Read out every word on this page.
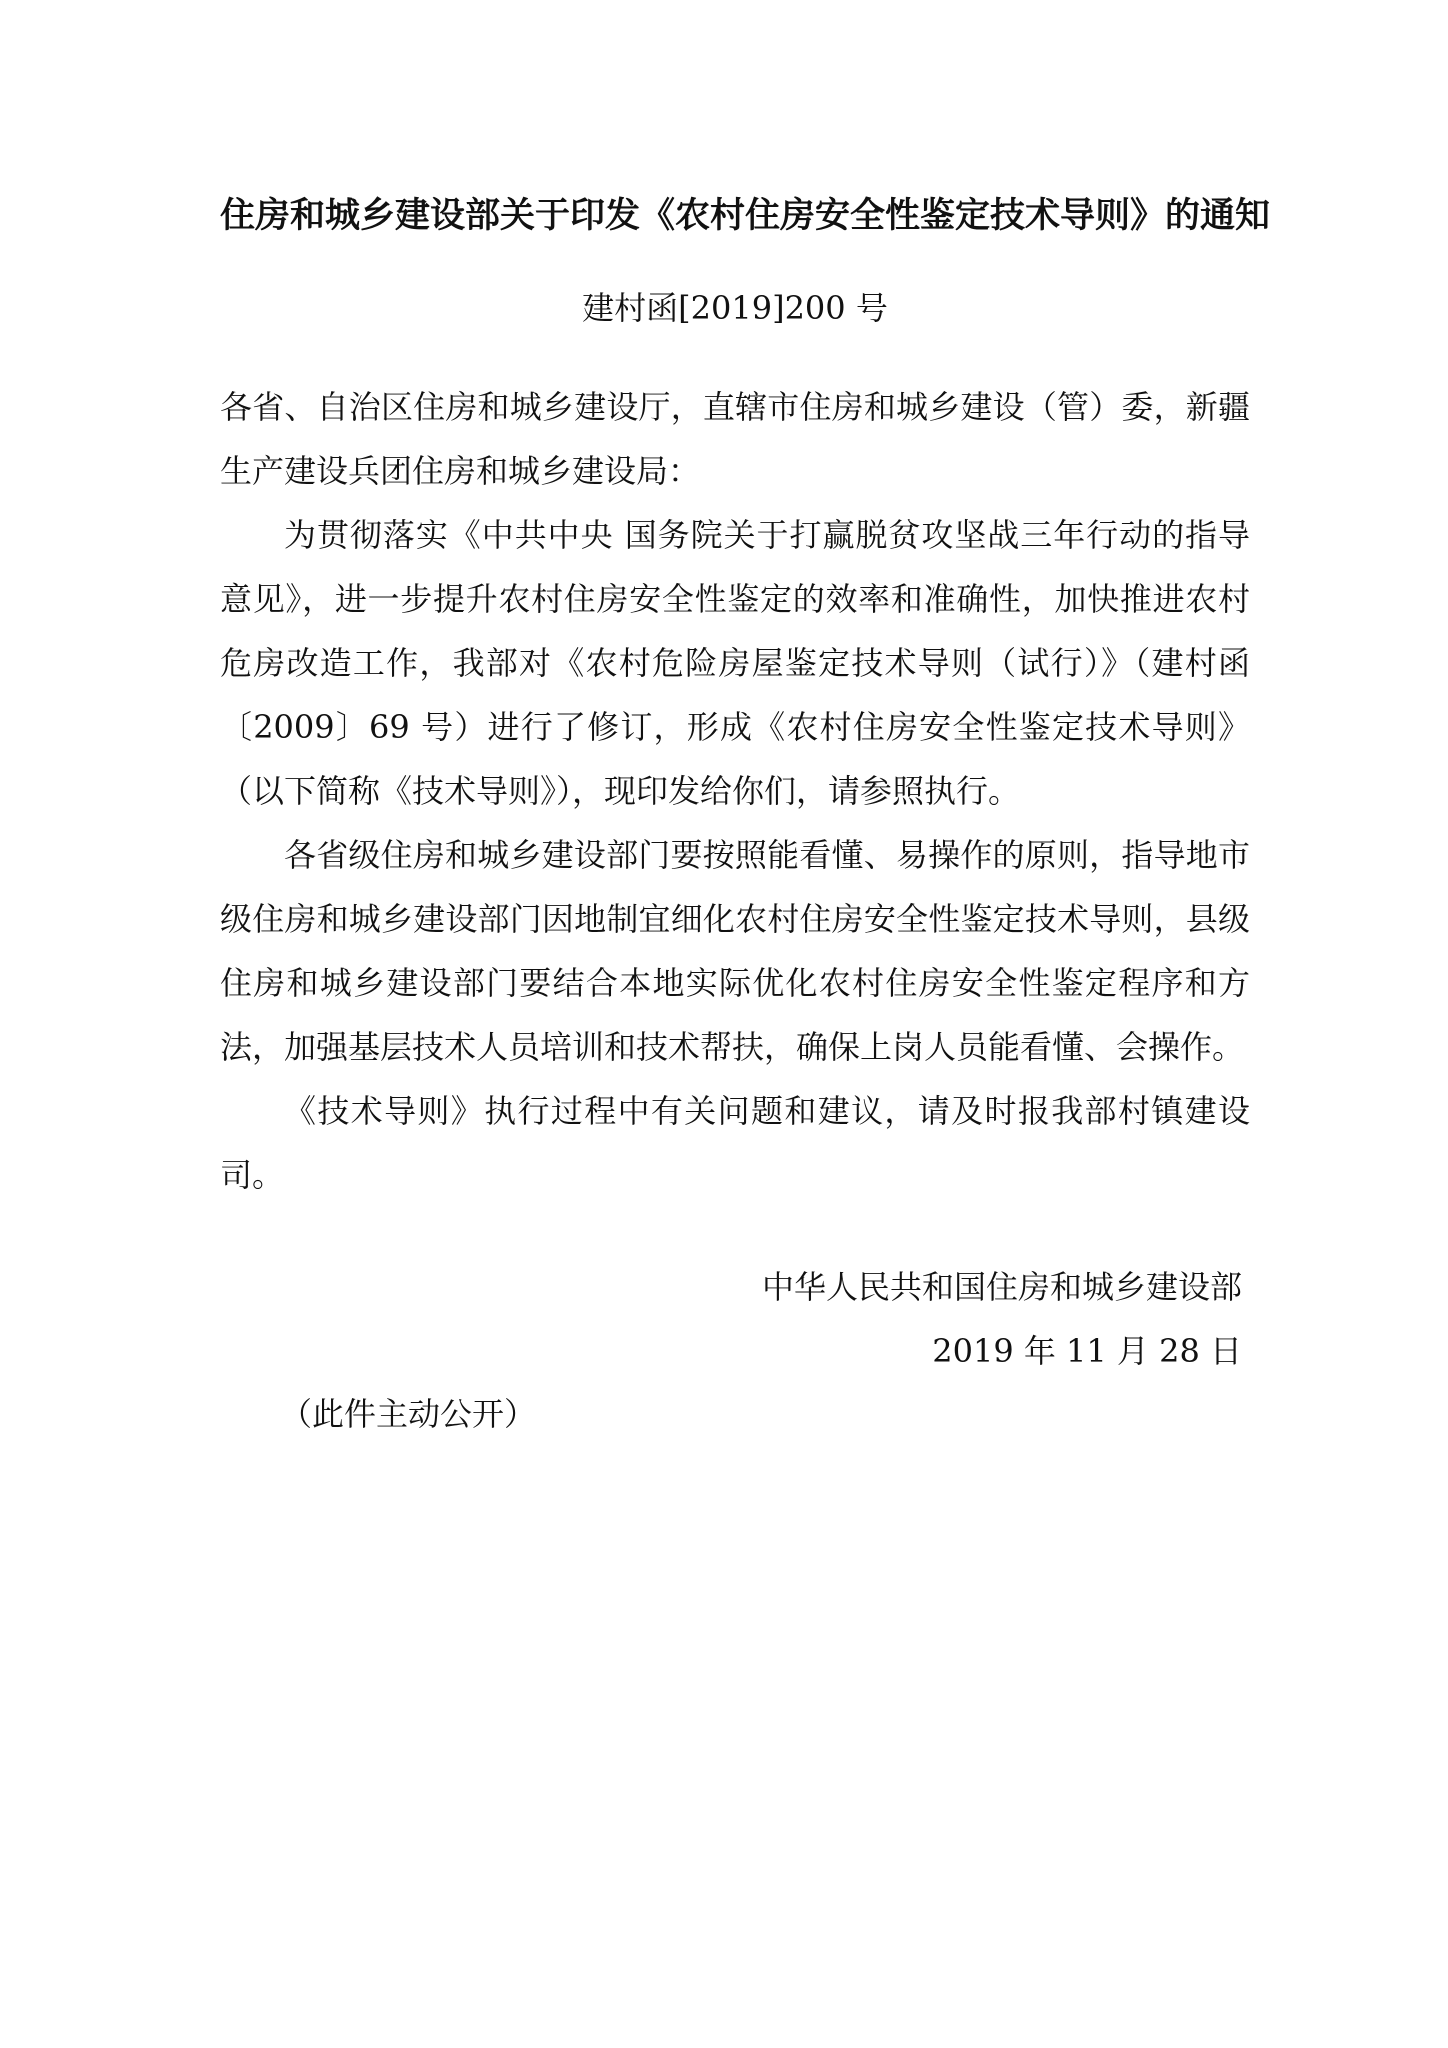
住房和城乡建设部关于印发《农村住房安全性鉴定技术导则》的通知
建村函[2019]200 号

各省、自治区住房和城乡建设厅，直辖市住房和城乡建设（管）委，新疆生产建设兵团住房和城乡建设局：

为贯彻落实《中共中央 国务院关于打赢脱贫攻坚战三年行动的指导意见》，进一步提升农村住房安全性鉴定的效率和准确性，加快推进农村危房改造工作，我部对《农村危险房屋鉴定技术导则（试行）》（建村函〔2009〕69 号）进行了修订，形成《农村住房安全性鉴定技术导则》（以下简称《技术导则》），现印发给你们，请参照执行。

各省级住房和城乡建设部门要按照能看懂、易操作的原则，指导地市级住房和城乡建设部门因地制宜细化农村住房安全性鉴定技术导则，县级住房和城乡建设部门要结合本地实际优化农村住房安全性鉴定程序和方法，加强基层技术人员培训和技术帮扶，确保上岗人员能看懂、会操作。

《技术导则》执行过程中有关问题和建议，请及时报我部村镇建设司。

中华人民共和国住房和城乡建设部
2019 年 11 月 28 日
（此件主动公开）
